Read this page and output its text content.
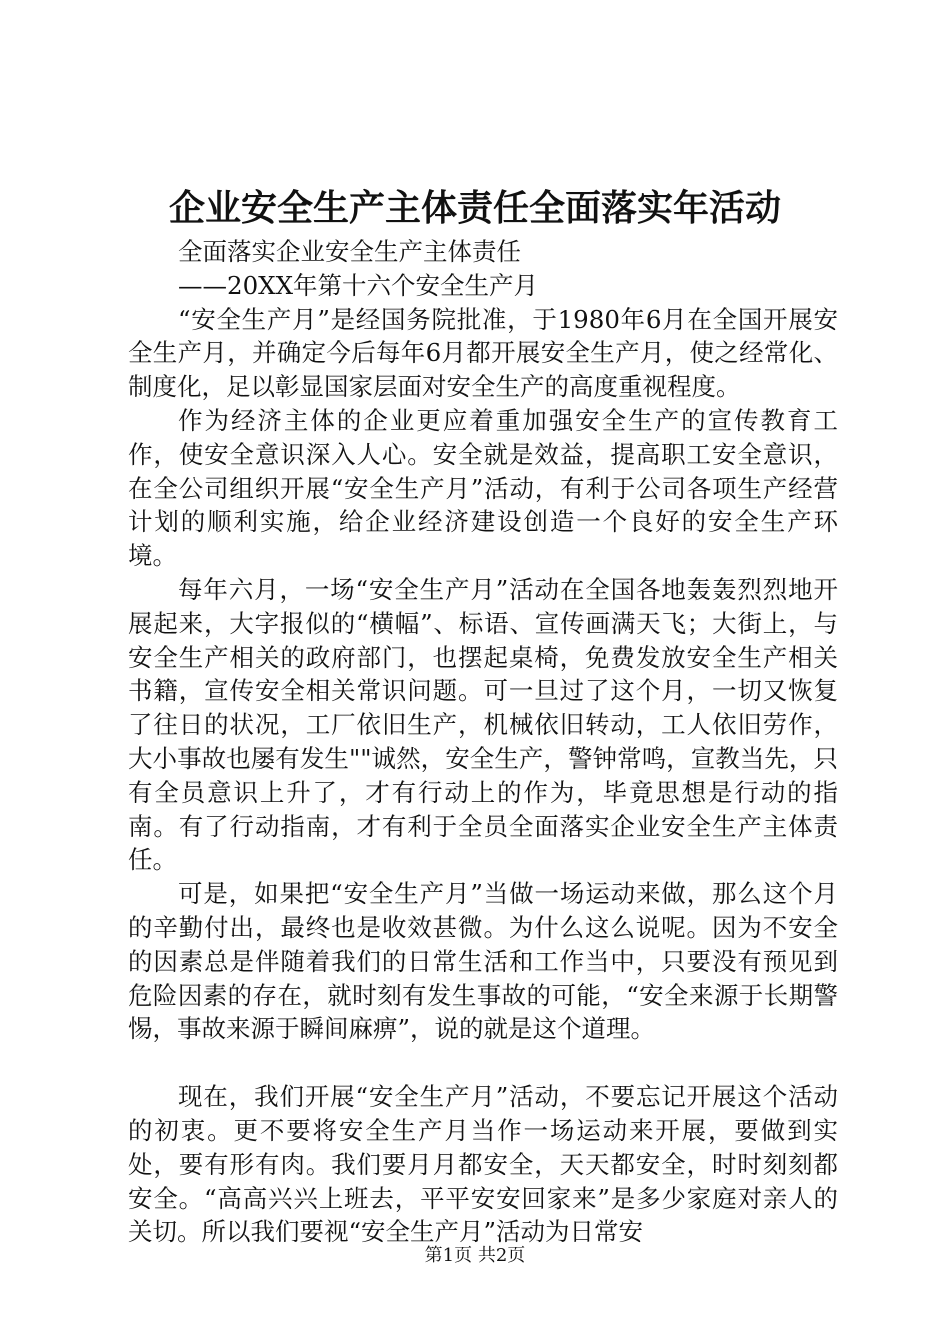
企业安全生产主体责任全面落实年活动
全面落实企业安全生产主体责任
——20XX年第十六个安全生产月

“安全生产月”是经国务院批准，于1980年6月在全国开展安全生产月，并确定今后每年6月都开展安全生产月，使之经常化、制度化，足以彰显国家层面对安全生产的高度重视程度。

作为经济主体的企业更应着重加强安全生产的宣传教育工作，使安全意识深入人心。安全就是效益，提高职工安全意识，在全公司组织开展“安全生产月”活动，有利于公司各项生产经营计划的顺利实施，给企业经济建设创造一个良好的安全生产环境。

每年六月，一场“安全生产月”活动在全国各地轰轰烈烈地开展起来，大字报似的“横幅”、标语、宣传画满天飞；大街上，与安全生产相关的政府部门，也摆起桌椅，免费发放安全生产相关书籍，宣传安全相关常识问题。可一旦过了这个月，一切又恢复了往日的状况，工厂依旧生产，机械依旧转动，工人依旧劳作，大小事故也屡有发生""诚然，安全生产，警钟常鸣，宣教当先，只有全员意识上升了，才有行动上的作为，毕竟思想是行动的指南。有了行动指南，才有利于全员全面落实企业安全生产主体责任。

可是，如果把“安全生产月”当做一场运动来做，那么这个月的辛勤付出，最终也是收效甚微。为什么这么说呢。因为不安全的因素总是伴随着我们的日常生活和工作当中，只要没有预见到危险因素的存在，就时刻有发生事故的可能，“安全来源于长期警惕，事故来源于瞬间麻痹”，说的就是这个道理。

现在，我们开展“安全生产月”活动，不要忘记开展这个活动的初衷。更不要将安全生产月当作一场运动来开展，要做到实处，要有形有肉。我们要月月都安全，天天都安全，时时刻刻都安全。“高高兴兴上班去，平平安安回家来”是多少家庭对亲人的关切。所以我们要视“安全生产月”活动为日常安

第1页 共2页
